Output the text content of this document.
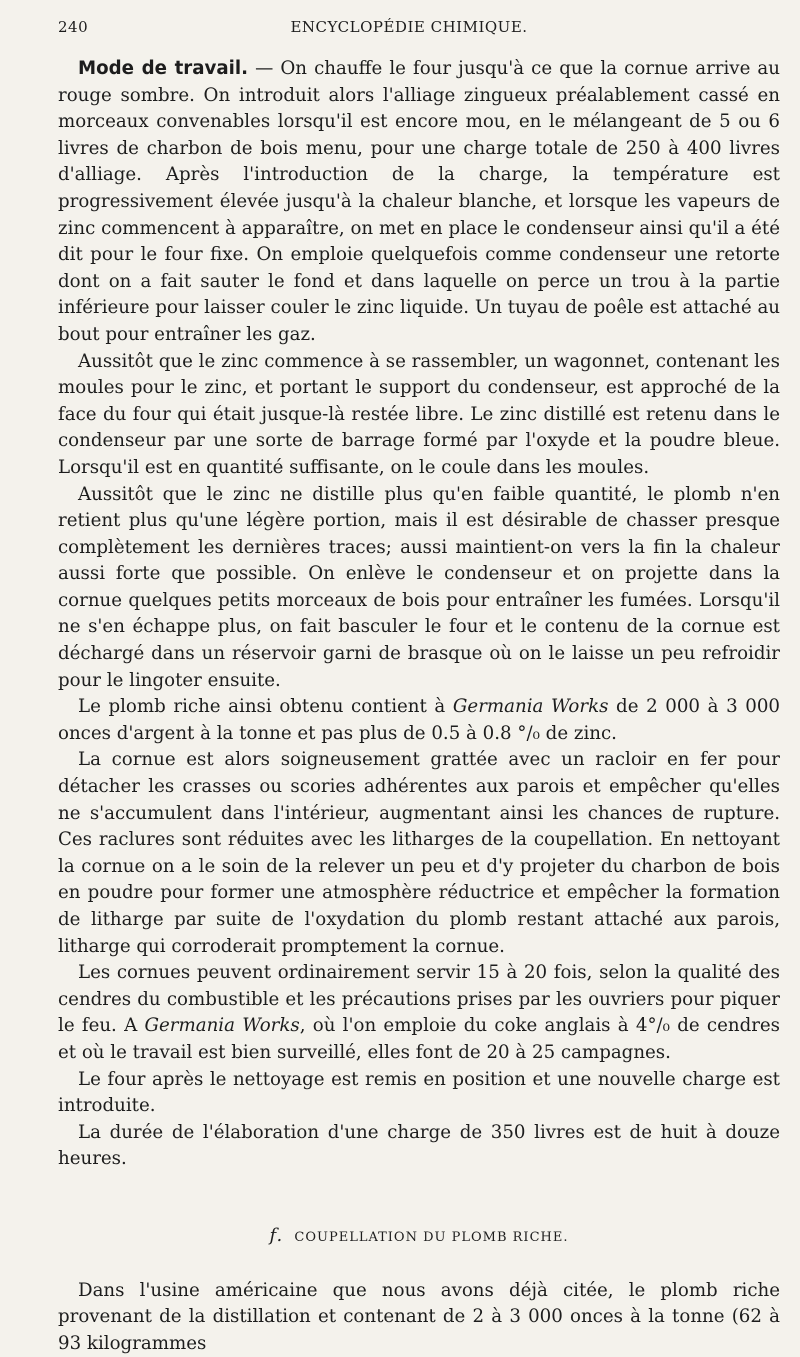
240	ENCYCLOPÉDIE CHIMIQUE.

Mode de travail. — On chauffe le four jusqu'à ce que la cornue arrive au rouge sombre. On introduit alors l'alliage zingueux préalablement cassé en morceaux convenables lorsqu'il est encore mou, en le mélangeant de 5 ou 6 livres de charbon de bois menu, pour une charge totale de 250 à 400 livres d'alliage. Après l'introduction de la charge, la température est progressivement élevée jusqu'à la chaleur blanche, et lorsque les vapeurs de zinc commencent à apparaître, on met en place le condenseur ainsi qu'il a été dit pour le four fixe. On emploie quelquefois comme condenseur une retorte dont on a fait sauter le fond et dans laquelle on perce un trou à la partie inférieure pour laisser couler le zinc liquide. Un tuyau de poêle est attaché au bout pour entraîner les gaz.

Aussitôt que le zinc commence à se rassembler, un wagonnet, contenant les moules pour le zinc, et portant le support du condenseur, est approché de la face du four qui était jusque-là restée libre. Le zinc distillé est retenu dans le condenseur par une sorte de barrage formé par l'oxyde et la poudre bleue. Lorsqu'il est en quantité suffisante, on le coule dans les moules.

Aussitôt que le zinc ne distille plus qu'en faible quantité, le plomb n'en retient plus qu'une légère portion, mais il est désirable de chasser presque complètement les dernières traces; aussi maintient-on vers la fin la chaleur aussi forte que possible. On enlève le condenseur et on projette dans la cornue quelques petits morceaux de bois pour entraîner les fumées. Lorsqu'il ne s'en échappe plus, on fait basculer le four et le contenu de la cornue est déchargé dans un réservoir garni de brasque où on le laisse un peu refroidir pour le lingoter ensuite.

Le plomb riche ainsi obtenu contient à Germania Works de 2 000 à 3 000 onces d'argent à la tonne et pas plus de 0.5 à 0.8 °/₀ de zinc.

La cornue est alors soigneusement grattée avec un racloir en fer pour détacher les crasses ou scories adhérentes aux parois et empêcher qu'elles ne s'accumulent dans l'intérieur, augmentant ainsi les chances de rupture. Ces raclures sont réduites avec les litharges de la coupellation. En nettoyant la cornue on a le soin de la relever un peu et d'y projeter du charbon de bois en poudre pour former une atmosphère réductrice et empêcher la formation de litharge par suite de l'oxydation du plomb restant attaché aux parois, litharge qui corroderait promptement la cornue.

Les cornues peuvent ordinairement servir 15 à 20 fois, selon la qualité des cendres du combustible et les précautions prises par les ouvriers pour piquer le feu. A Germania Works, où l'on emploie du coke anglais à 4°/₀ de cendres et où le travail est bien surveillé, elles font de 20 à 25 campagnes.

Le four après le nettoyage est remis en position et une nouvelle charge est introduite.

La durée de l'élaboration d'une charge de 350 livres est de huit à douze heures.

f. COUPELLATION DU PLOMB RICHE.

Dans l'usine américaine que nous avons déjà citée, le plomb riche provenant de la distillation et contenant de 2 à 3 000 onces à la tonne (62 à 93 kilogrammes
